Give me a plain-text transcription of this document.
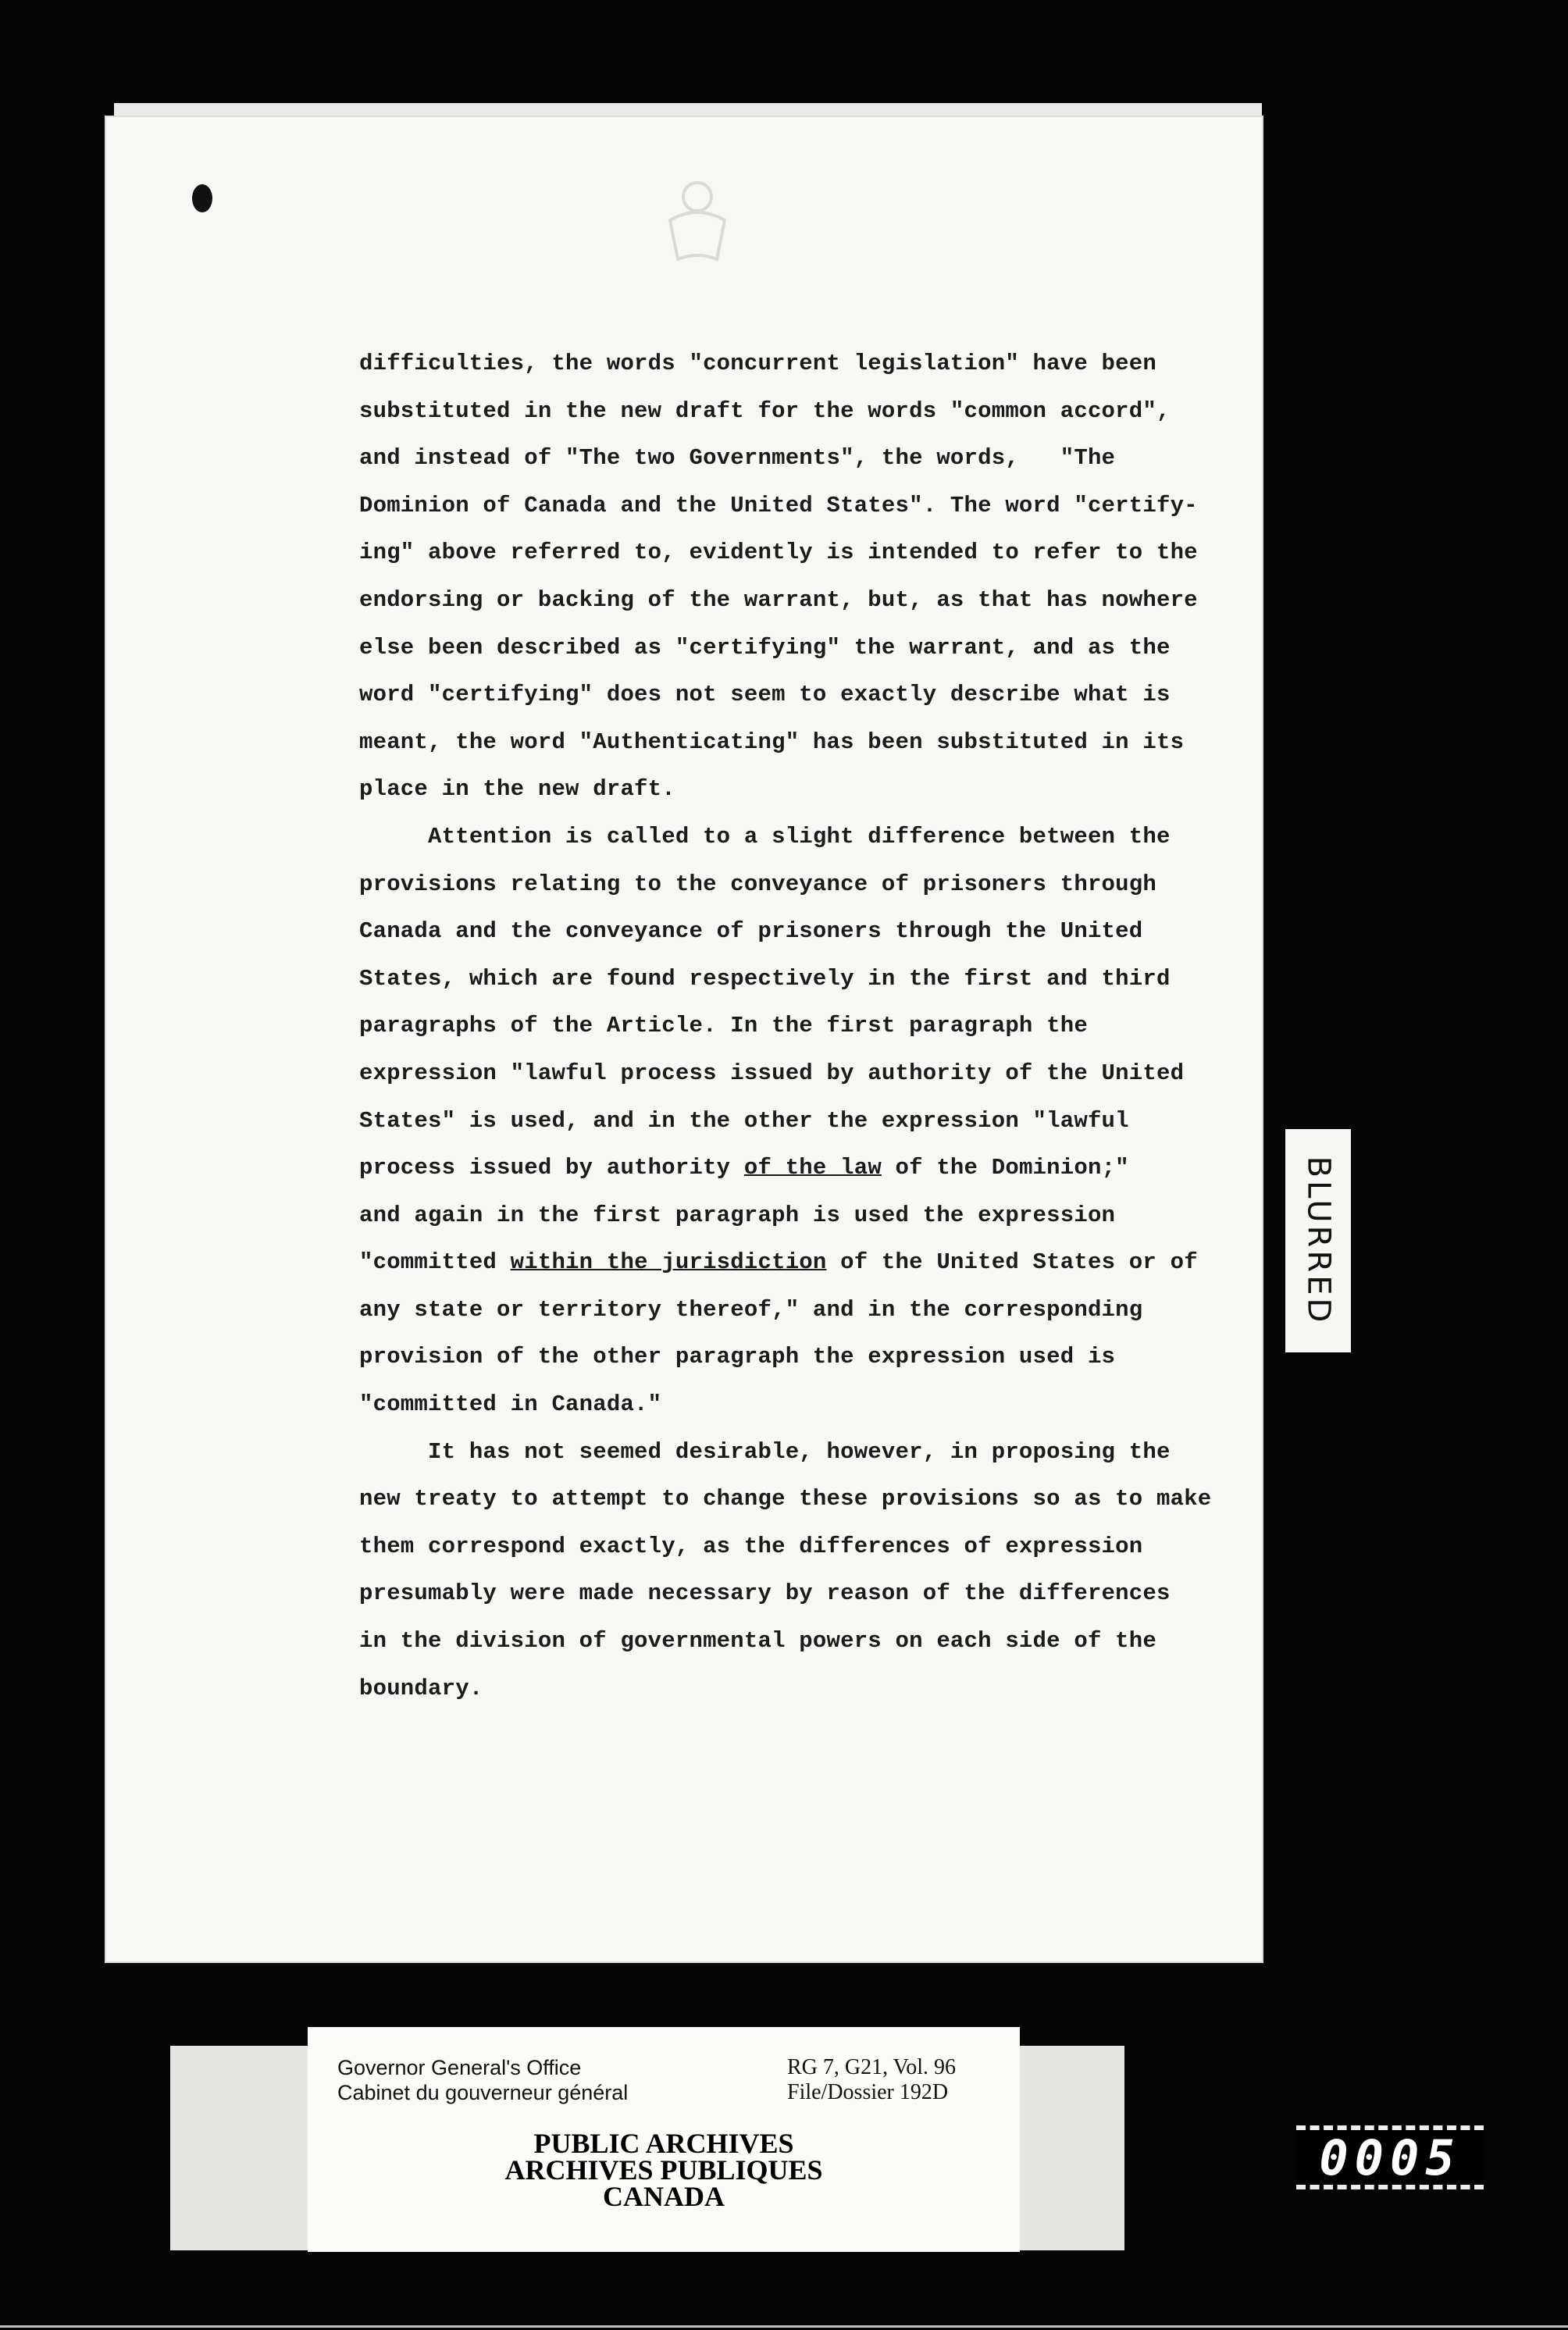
difficulties, the words "concurrent legislation" have been

substituted in the new draft for the words "common accord",

and instead of "The two Governments", the words,   "The

Dominion of Canada and the United States". The word "certify-

ing" above referred to, evidently is intended to refer to the

endorsing or backing of the warrant, but, as that has nowhere

else been described as "certifying" the warrant, and as the

word "certifying" does not seem to exactly describe what is

meant, the word "Authenticating" has been substituted in its

place in the new draft.

Attention is called to a slight difference between the

provisions relating to the conveyance of prisoners through

Canada and the conveyance of prisoners through the United

States, which are found respectively in the first and third

paragraphs of the Article. In the first paragraph the

expression "lawful process issued by authority of the United

States" is used, and in the other the expression "lawful

process issued by authority of the law of the Dominion;"

and again in the first paragraph is used the expression

"committed within the jurisdiction of the United States or of

any state or territory thereof," and in the corresponding

provision of the other paragraph the expression used is

"committed in Canada."

It has not seemed desirable, however, in proposing the

new treaty to attempt to change these provisions so as to make

them correspond exactly, as the differences of expression

presumably were made necessary by reason of the differences

in the division of governmental powers on each side of the

boundary.

BLURRED
Governor General's Office
Cabinet du gouverneur général
RG 7, G21, Vol. 96
File/Dossier 192D
PUBLIC ARCHIVES
ARCHIVES PUBLIQUES
CANADA
0005
